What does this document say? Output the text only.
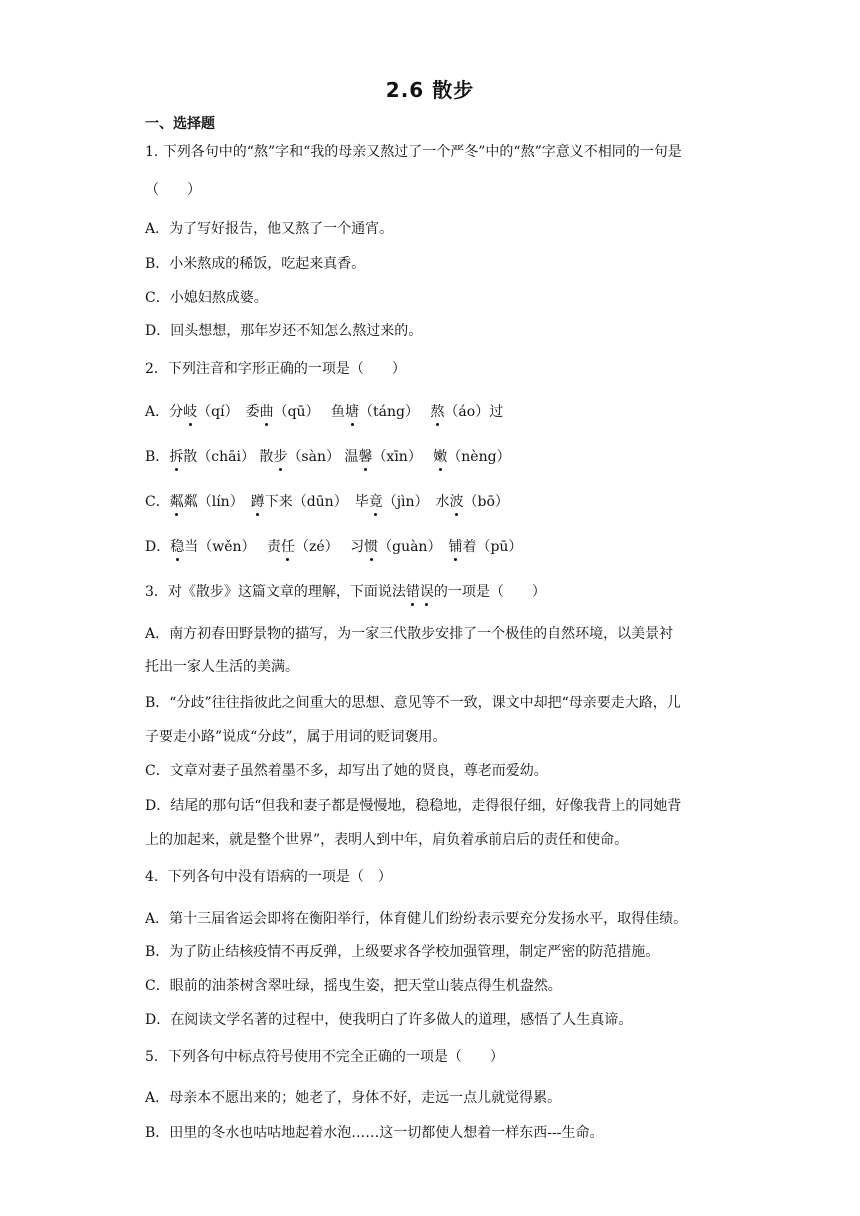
2.6 散步
一、选择题
1. 下列各句中的“熬”字和“我的母亲又熬过了一个严冬”中的“熬”字意义不相同的一句是
（　　）
A．为了写好报告，他又熬了一个通宵。
B．小米熬成的稀饭，吃起来真香。
C．小媳妇熬成婆。
D．回头想想，那年岁还不知怎么熬过来的。
2．下列注音和字形正确的一项是（　　）
A．分岐（qí）　委曲（qū）　 鱼塘（táng）　 熬（áo）过
B．拆散（chāi） 散步（sàn） 温馨（xīn）　 嫩（nèng）
C．粼粼（lín）　蹲下来（dūn）　毕竟（jìn）　水波（bō）
D．稳当（wěn）　 责任（zé）　 习惯（guàn）　铺着（pū）
3．对《散步》这篇文章的理解，下面说法错误的一项是（　　）
A．南方初春田野景物的描写，为一家三代散步安排了一个极佳的自然环境，以美景衬
托出一家人生活的美满。
B．“分歧”往往指彼此之间重大的思想、意见等不一致，课文中却把“母亲要走大路，儿
子要走小路”说成“分歧”，属于用词的贬词褒用。
C．文章对妻子虽然着墨不多，却写出了她的贤良，尊老而爱幼。
D．结尾的那句话“但我和妻子都是慢慢地，稳稳地，走得很仔细，好像我背上的同她背
上的加起来，就是整个世界”，表明人到中年，肩负着承前启后的责任和使命。
4．下列各句中没有语病的一项是（　）
A．第十三届省运会即将在衡阳举行，体育健儿们纷纷表示要充分发扬水平，取得佳绩。
B．为了防止结核疫情不再反弹，上级要求各学校加强管理，制定严密的防范措施。
C．眼前的油茶树含翠吐绿，摇曳生姿，把天堂山装点得生机盎然。
D．在阅读文学名著的过程中，使我明白了许多做人的道理，感悟了人生真谛。
5．下列各句中标点符号使用不完全正确的一项是（　　）
A．母亲本不愿出来的；她老了，身体不好，走远一点儿就觉得累。
B．田里的冬水也咕咕地起着水泡……这一切都使人想着一样东西---生命。
